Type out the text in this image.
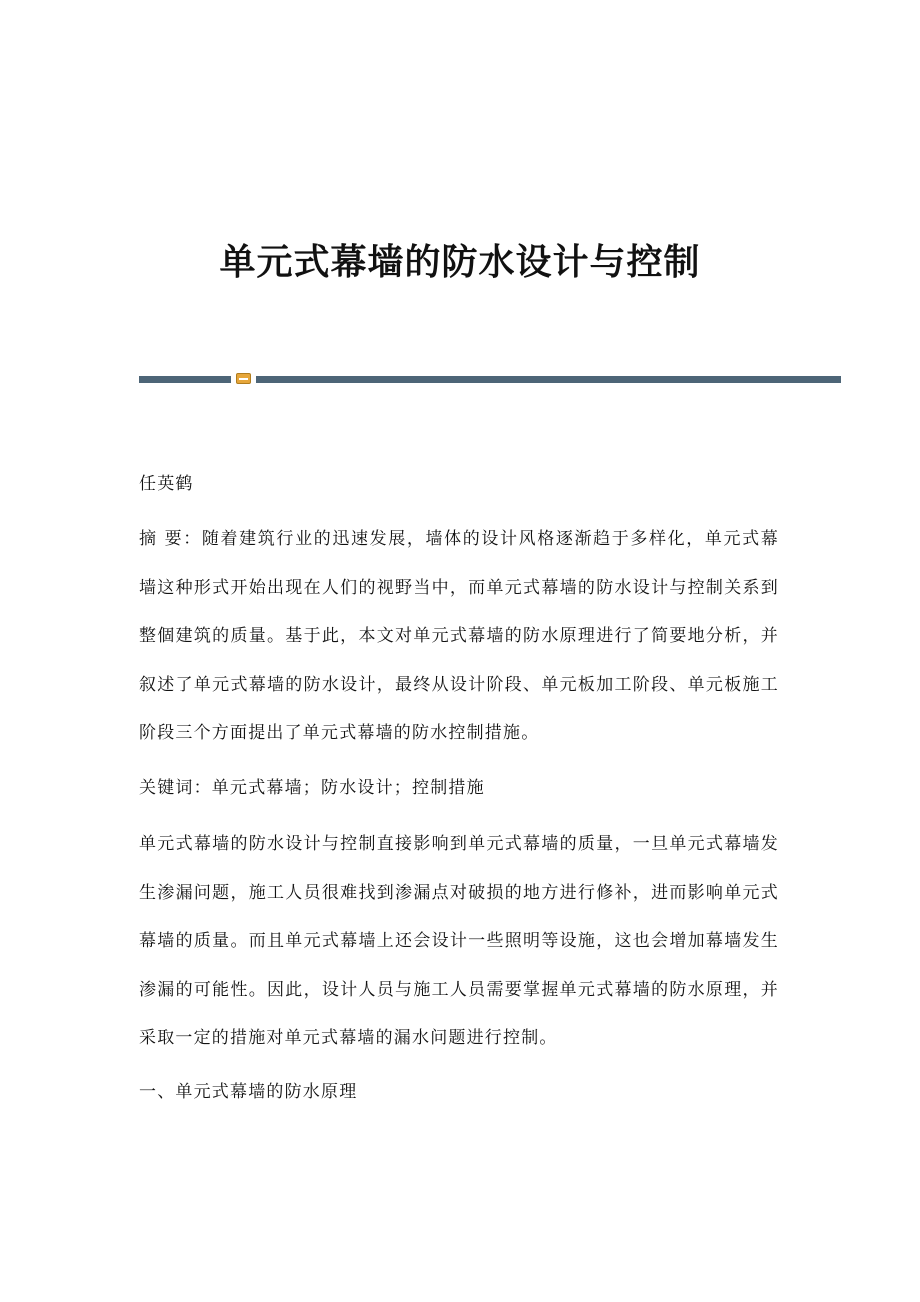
单元式幕墙的防水设计与控制

任英鹤

摘 要：随着建筑行业的迅速发展，墙体的设计风格逐渐趋于多样化，单元式幕墙这种形式开始出现在人们的视野当中，而单元式幕墙的防水设计与控制关系到整個建筑的质量。基于此，本文对单元式幕墙的防水原理进行了简要地分析，并叙述了单元式幕墙的防水设计，最终从设计阶段、单元板加工阶段、单元板施工阶段三个方面提出了单元式幕墙的防水控制措施。

关键词：单元式幕墙；防水设计；控制措施

单元式幕墙的防水设计与控制直接影响到单元式幕墙的质量，一旦单元式幕墙发生渗漏问题，施工人员很难找到渗漏点对破损的地方进行修补，进而影响单元式幕墙的质量。而且单元式幕墙上还会设计一些照明等设施，这也会增加幕墙发生渗漏的可能性。因此，设计人员与施工人员需要掌握单元式幕墙的防水原理，并采取一定的措施对单元式幕墙的漏水问题进行控制。

一、单元式幕墙的防水原理
